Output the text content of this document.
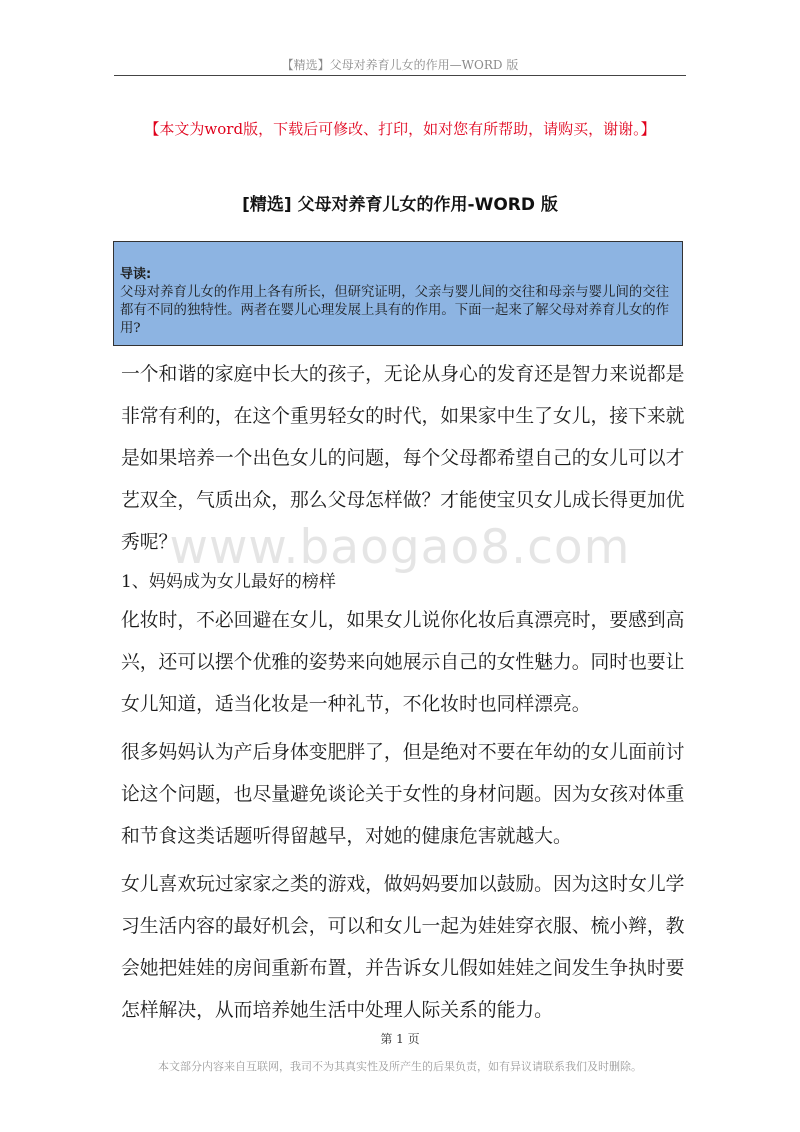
【精选】父母对养育儿女的作用—WORD 版
【本文为word版，下载后可修改、打印，如对您有所帮助，请购买，谢谢。】
[精选] 父母对养育儿女的作用-WORD 版
导读:
父母对养育儿女的作用上各有所长，但研究证明，父亲与婴儿间的交往和母亲与婴儿间的交往都有不同的独特性。两者在婴儿心理发展上具有的作用。下面一起来了解父母对养育儿女的作用?
www.baogao8.com

一个和谐的家庭中长大的孩子，无论从身心的发育还是智力来说都是非常有利的，在这个重男轻女的时代，如果家中生了女儿，接下来就是如果培养一个出色女儿的问题，每个父母都希望自己的女儿可以才艺双全，气质出众，那么父母怎样做？才能使宝贝女儿成长得更加优秀呢？

1、妈妈成为女儿最好的榜样

化妆时，不必回避在女儿，如果女儿说你化妆后真漂亮时，要感到高兴，还可以摆个优雅的姿势来向她展示自己的女性魅力。同时也要让女儿知道，适当化妆是一种礼节，不化妆时也同样漂亮。

很多妈妈认为产后身体变肥胖了，但是绝对不要在年幼的女儿面前讨论这个问题，也尽量避免谈论关于女性的身材问题。因为女孩对体重和节食这类话题听得留越早，对她的健康危害就越大。

女儿喜欢玩过家家之类的游戏，做妈妈要加以鼓励。因为这时女儿学习生活内容的最好机会，可以和女儿一起为娃娃穿衣服、梳小辫，教会她把娃娃的房间重新布置，并告诉女儿假如娃娃之间发生争执时要怎样解决，从而培养她生活中处理人际关系的能力。

第 1 页
本文部分内容来自互联网，我司不为其真实性及所产生的后果负责，如有异议请联系我们及时删除。
